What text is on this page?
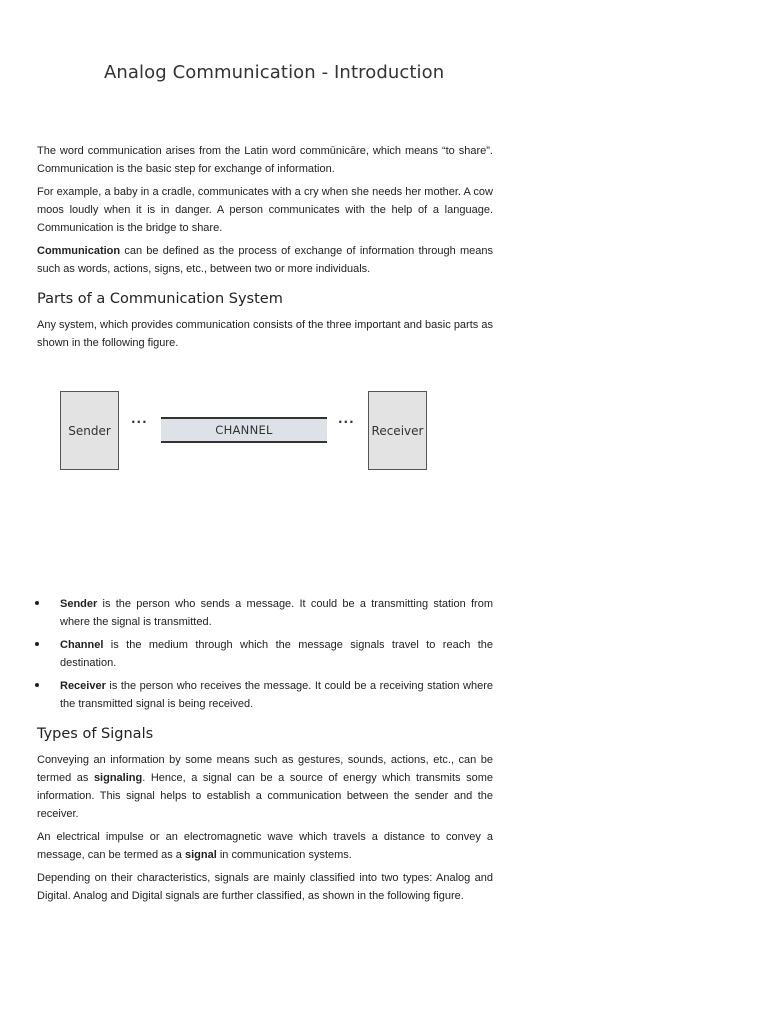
Analog Communication - Introduction

The word communication arises from the Latin word commūnicāre, which means “to share”. Communication is the basic step for exchange of information.

For example, a baby in a cradle, communicates with a cry when she needs her mother. A cow moos loudly when it is in danger. A person communicates with the help of a language. Communication is the bridge to share.

Communication can be defined as the process of exchange of information through means such as words, actions, signs, etc., between two or more individuals.

Parts of a Communication System

Any system, which provides communication consists of the three important and basic parts as shown in the following figure.

Sender
···
CHANNEL
···
Receiver

Sender is the person who sends a message. It could be a transmitting station from where the signal is transmitted.

Channel is the medium through which the message signals travel to reach the destination.

Receiver is the person who receives the message. It could be a receiving station where the transmitted signal is being received.

Types of Signals

Conveying an information by some means such as gestures, sounds, actions, etc., can be termed as signaling. Hence, a signal can be a source of energy which transmits some information. This signal helps to establish a communication between the sender and the receiver.

An electrical impulse or an electromagnetic wave which travels a distance to convey a message, can be termed as a signal in communication systems.

Depending on their characteristics, signals are mainly classified into two types: Analog and Digital. Analog and Digital signals are further classified, as shown in the following figure.
